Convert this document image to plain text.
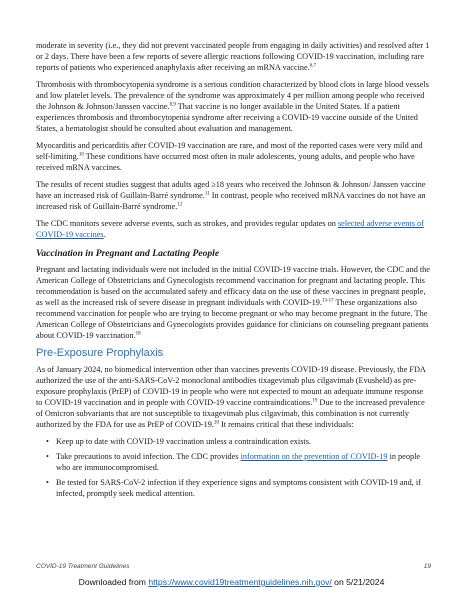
moderate in severity (i.e., they did not prevent vaccinated people from engaging in daily activities) and resolved after 1 or 2 days. There have been a few reports of severe allergic reactions following COVID-19 vaccination, including rare reports of patients who experienced anaphylaxis after receiving an mRNA vaccine.$^{6,7}$

Thrombosis with thrombocytopenia syndrome is a serious condition characterized by blood clots in large blood vessels and low platelet levels. The prevalence of the syndrome was approximately 4 per million among people who received the Johnson & Johnson/Janssen vaccine.$^{8,9}$ That vaccine is no longer available in the United States. If a patient experiences thrombosis and thrombocytopenia syndrome after receiving a COVID-19 vaccine outside of the United States, a hematologist should be consulted about evaluation and management.

Myocarditis and pericarditis after COVID-19 vaccination are rare, and most of the reported cases were very mild and self-limiting.$^{10}$ These conditions have occurred most often in male adolescents, young adults, and people who have received mRNA vaccines.

The results of recent studies suggest that adults aged ≥18 years who received the Johnson & Johnson/ Janssen vaccine have an increased risk of Guillain-Barré syndrome.$^{11}$ In contrast, people who received mRNA vaccines do not have an increased risk of Guillain-Barré syndrome.$^{12}$

The CDC monitors severe adverse events, such as strokes, and provides regular updates on selected adverse events of COVID-19 vaccines.

Vaccination in Pregnant and Lactating People

Pregnant and lactating individuals were not included in the initial COVID-19 vaccine trials. However, the CDC and the American College of Obstetricians and Gynecologists recommend vaccination for pregnant and lactating people. This recommendation is based on the accumulated safety and efficacy data on the use of these vaccines in pregnant people, as well as the increased risk of severe disease in pregnant individuals with COVID-19.$^{13-17}$ These organizations also recommend vaccination for people who are trying to become pregnant or who may become pregnant in the future. The American College of Obstetricians and Gynecologists provides guidance for clinicians on counseling pregnant patients about COVID-19 vaccination.$^{18}$

Pre-Exposure Prophylaxis

As of January 2024, no biomedical intervention other than vaccines prevents COVID-19 disease. Previously, the FDA authorized the use of the anti-SARS-CoV-2 monoclonal antibodies tixagevimab plus cilgavimab (Evusheld) as pre-exposure prophylaxis (PrEP) of COVID-19 in people who were not expected to mount an adequate immune response to COVID-19 vaccination and in people with COVID-19 vaccine contraindications.$^{19}$ Due to the increased prevalence of Omicron subvariants that are not susceptible to tixagevimab plus cilgavimab, this combination is not currently authorized by the FDA for use as PrEP of COVID-19.20 It remains critical that these individuals:

• Keep up to date with COVID-19 vaccination unless a contraindication exists.
• Take precautions to avoid infection. The CDC provides information on the prevention of COVID-19 in people who are immunocompromised.
• Be tested for SARS-CoV-2 infection if they experience signs and symptoms consistent with COVID-19 and, if infected, promptly seek medical attention.
COVID-19 Treatment Guidelines	19
Downloaded from https://www.covid19treatmentguidelines.nih.gov/ on 5/21/2024
